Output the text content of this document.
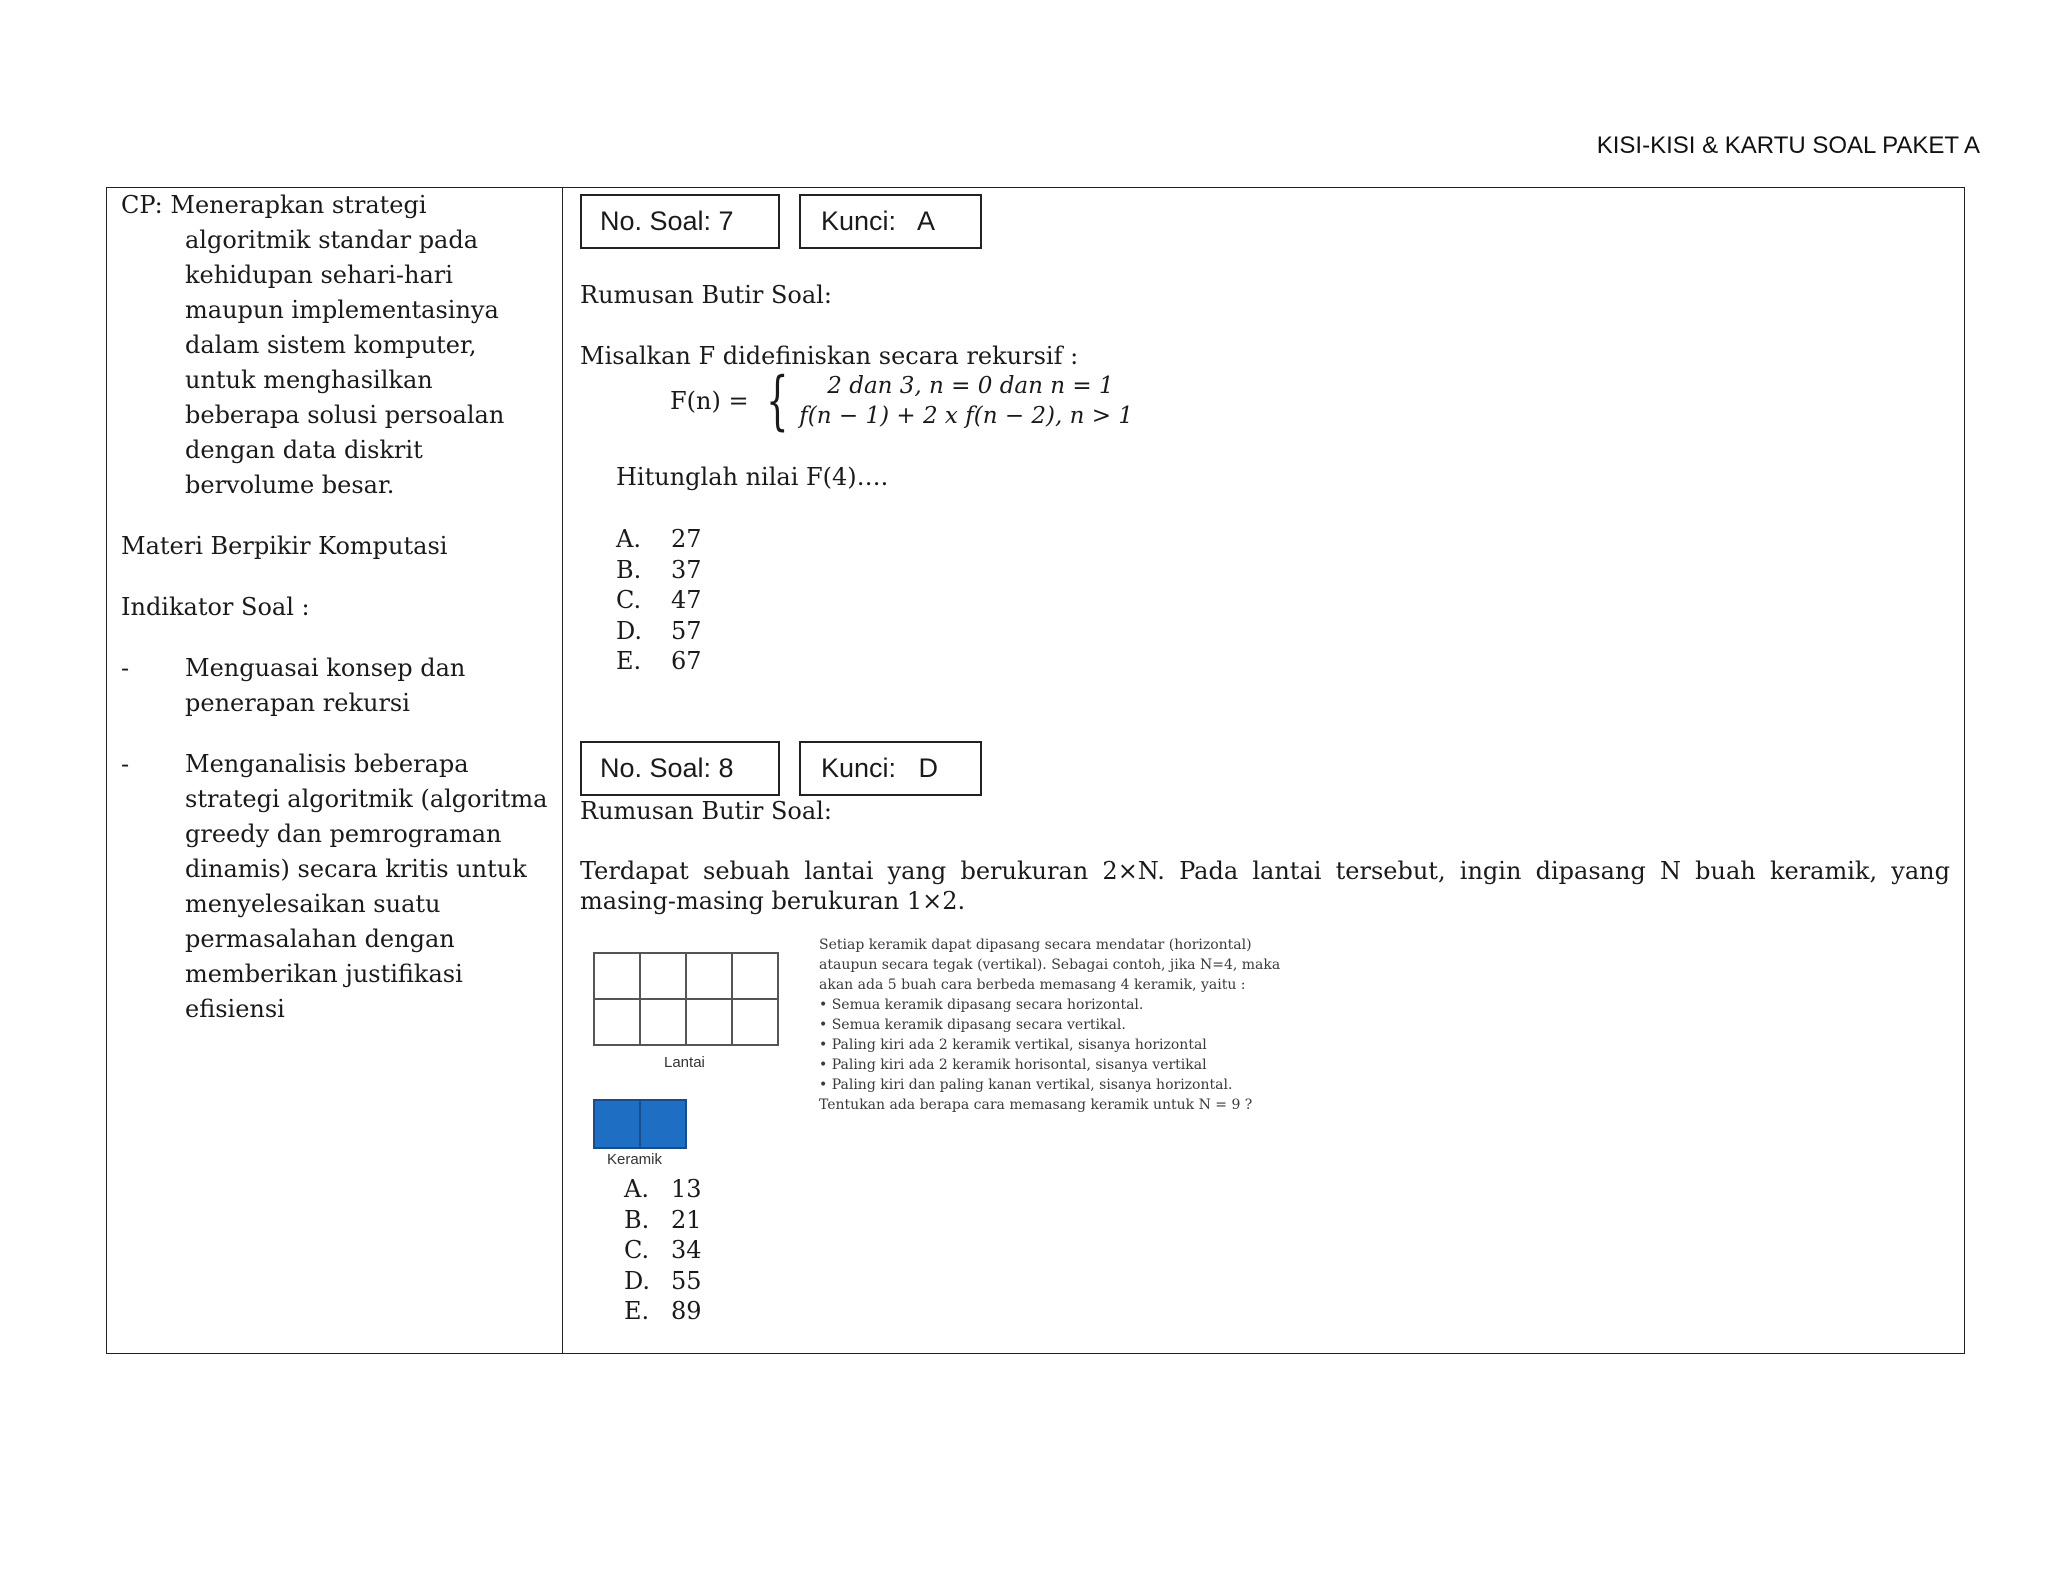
KISI-KISI & KARTU SOAL PAKET A

CP: Menerapkan strategi algoritmik standar pada kehidupan sehari-hari maupun implementasinya dalam sistem komputer, untuk menghasilkan beberapa solusi persoalan dengan data diskrit bervolume besar.

Materi Berpikir Komputasi

Indikator Soal :

-	Menguasai konsep dan penerapan rekursi
-	Menganalisis beberapa strategi algoritmik (algoritma greedy dan pemrograman dinamis) secara kritis untuk menyelesaikan suatu permasalahan dengan memberikan justifikasi efisiensi
No. Soal: 7	Kunci:   A
Rumusan Butir Soal:
Misalkan F didefiniskan secara rekursif :
F(n) = {	2 dan 3, n = 0 dan n = 1
f(n − 1) + 2 x f(n − 2), n > 1
Hitunglah nilai F(4)….
A.	27
B.	37
C.	47
D.	57
E.	67
No. Soal: 8	Kunci:   D
Rumusan Butir Soal:
Terdapat sebuah lantai yang berukuran 2×N. Pada lantai tersebut, ingin dipasang N buah keramik, yang masing-masing berukuran 1×2.
Lantai
Keramik

Setiap keramik dapat dipasang secara mendatar (horizontal) ataupun secara tegak (vertikal). Sebagai contoh, jika N=4, maka akan ada 5 buah cara berbeda memasang 4 keramik, yaitu :

• Semua keramik dipasang secara horizontal.

• Semua keramik dipasang secara vertikal.

• Paling kiri ada 2 keramik vertikal, sisanya horizontal

• Paling kiri ada 2 keramik horisontal, sisanya vertikal

• Paling kiri dan paling kanan vertikal, sisanya horizontal.

Tentukan ada berapa cara memasang keramik untuk N = 9 ?

A. 13
B. 21
C. 34
D. 55
E. 89
